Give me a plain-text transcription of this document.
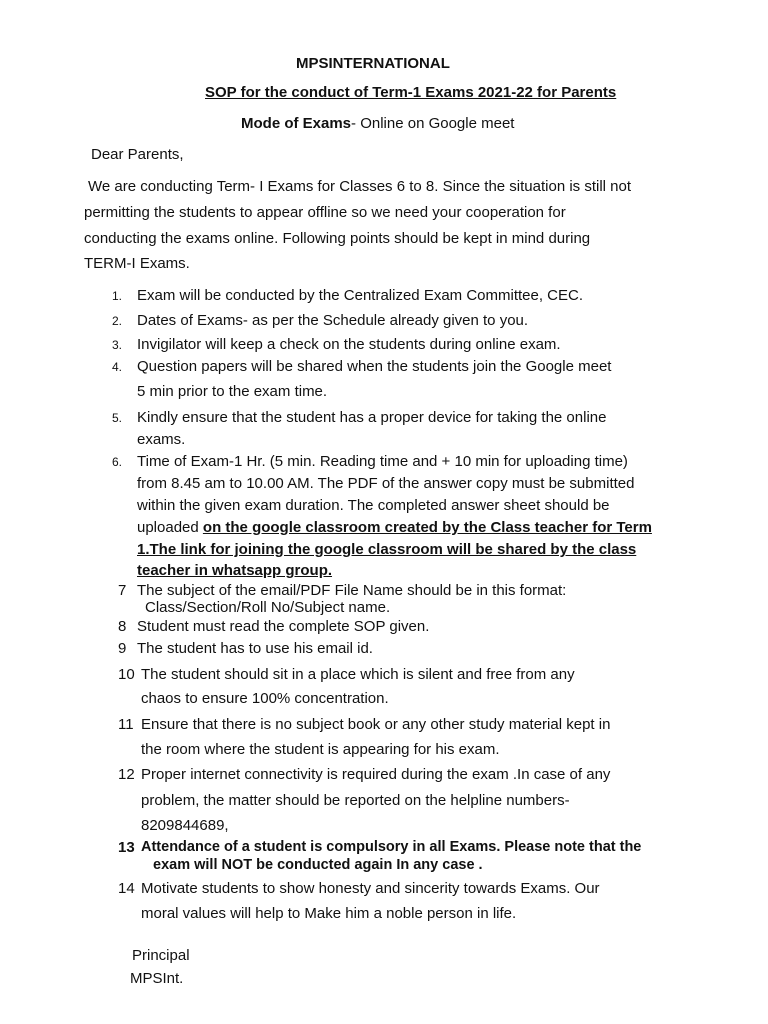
MPSINTERNATIONAL
SOP for the conduct of Term-1 Exams 2021-22 for Parents
Mode of Exams- Online on Google meet
Dear Parents,
We are conducting Term- I Exams for Classes 6 to 8. Since the situation is still not
permitting the students to appear offline so we need your cooperation for
conducting the exams online. Following points should be kept in mind during
TERM-I Exams.
1. Exam will be conducted by the Centralized Exam Committee, CEC.
2. Dates of Exams- as per the Schedule already given to you.
3. Invigilator will keep a check on the students during online exam.
4. Question papers will be shared when the students join the Google meet
5 min prior to the exam time.
5. Kindly ensure that the student has a proper device for taking the online
exams.
6. Time of Exam-1 Hr. (5 min. Reading time and + 10 min for uploading time)
from 8.45 am to 10.00 AM. The PDF of the answer copy must be submitted
within the given exam duration. The completed answer sheet should be
uploaded on the google classroom created by the Class teacher for Term
1.The link for joining the google classroom will be shared by the class
teacher in whatsapp group.
7 The subject of the email/PDF File Name should be in this format:
Class/Section/Roll No/Subject name.
8 Student must read the complete SOP given.
9 The student has to use his email id.
10 The student should sit in a place which is silent and free from any
chaos to ensure 100% concentration.
11 Ensure that there is no subject book or any other study material kept in
the room where the student is appearing for his exam.
12 Proper internet connectivity is required during the exam .In case of any
problem, the matter should be reported on the helpline numbers-
8209844689,
13 Attendance of a student is compulsory in all Exams. Please note that the
exam will NOT be conducted again In any case .
14 Motivate students to show honesty and sincerity towards Exams. Our
moral values will help to Make him a noble person in life.
Principal
MPSInt.
